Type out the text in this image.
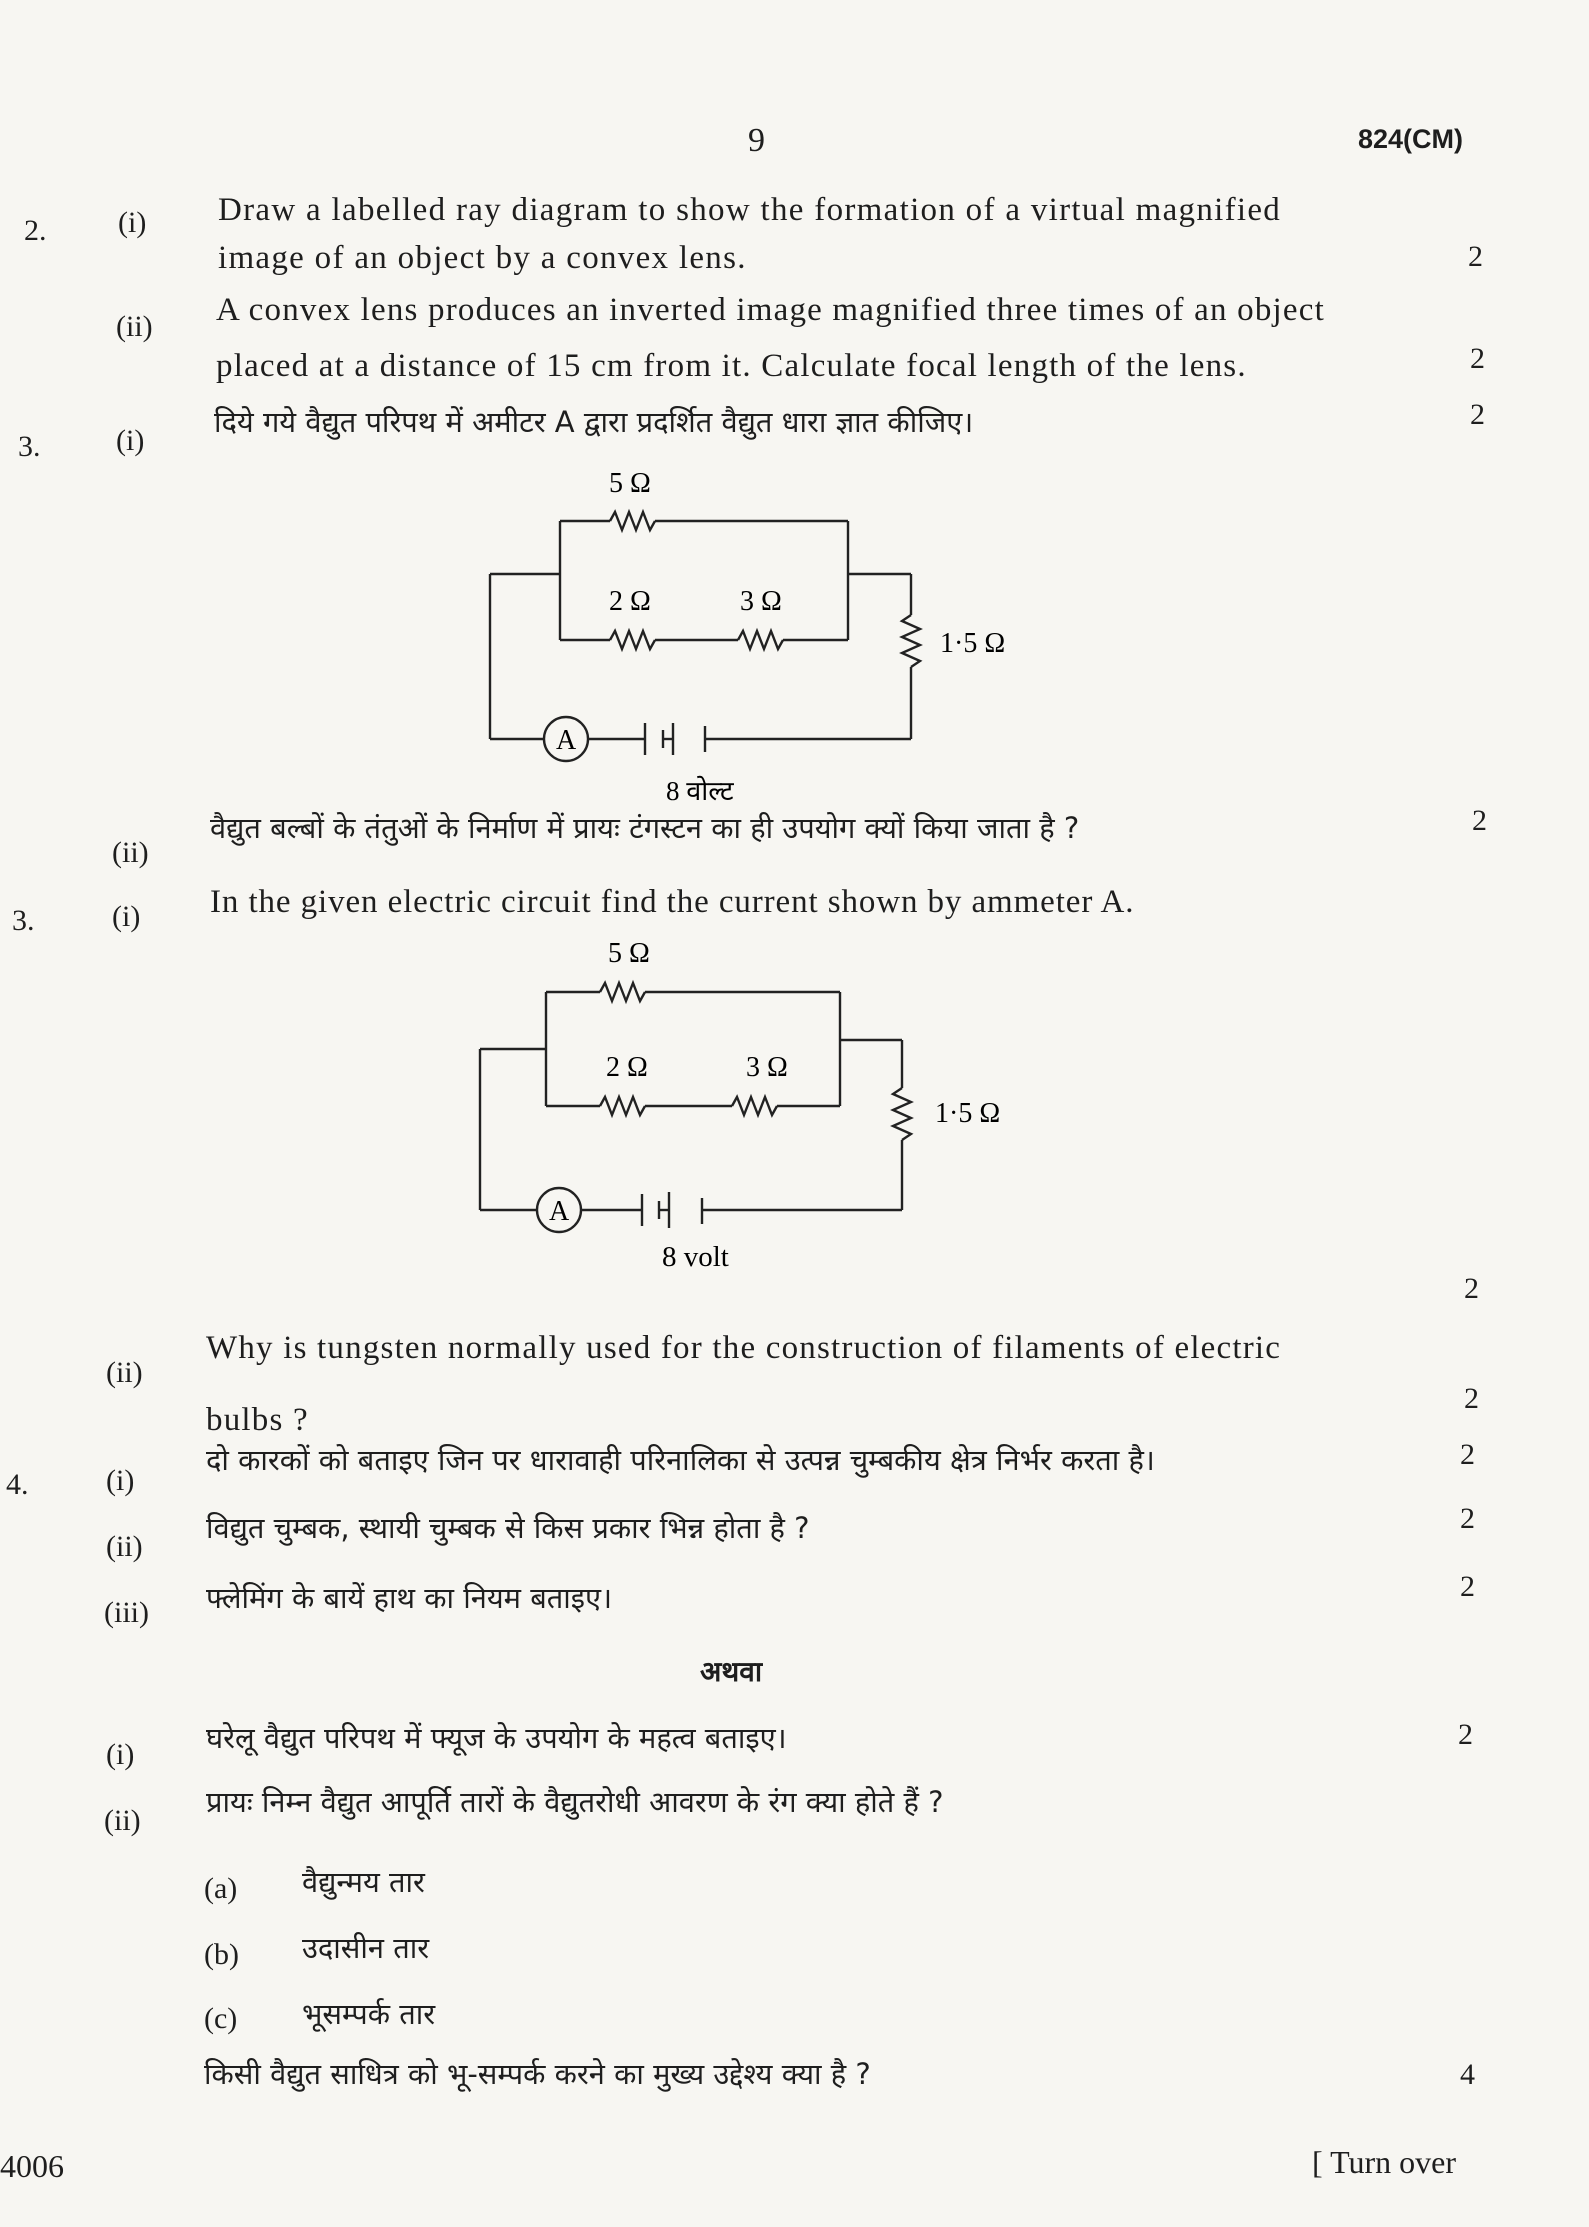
9	824(CM)
2. (i) Draw a labelled ray diagram to show the formation of a virtual magnified
image of an object by a convex lens.	2
(ii) A convex lens produces an inverted image magnified three times of an object
placed at a distance of 15 cm from it. Calculate focal length of the lens.	2
3.	(i)
दिये गये वैद्युत परिपथ में अमीटर A द्वारा प्रदर्शित वैद्युत धारा ज्ञात कीजिए।	2
5 Ω
2 Ω	3 Ω
1·5 Ω
A
8 वोल्ट
(ii)
वैद्युत बल्बों के तंतुओं के निर्माण में प्रायः टंगस्टन का ही उपयोग क्यों किया जाता है ?	2
3.	(i) In the given electric circuit find the current shown by ammeter A.
5 Ω
2 Ω	3 Ω
1·5 Ω
A
8 volt
2
(ii)
Why is tungsten normally used for the construction of filaments of electric
bulbs ?
2
4.	(i)
दो कारकों को बताइए जिन पर धारावाही परिनालिका से उत्पन्न चुम्बकीय क्षेत्र निर्भर करता है।	2
(ii)
विद्युत चुम्बक, स्थायी चुम्बक से किस प्रकार भिन्न होता है ?	2
(iii) फ्लेमिंग के बायें हाथ का नियम बताइए।	2
अथवा
(i) घरेलू वैद्युत परिपथ में फ्यूज के उपयोग के महत्व बताइए।	2
(ii)
प्रायः निम्न वैद्युत आपूर्ति तारों के वैद्युतरोधी आवरण के रंग क्या होते हैं ?
(a) वैद्युन्मय तार
(b) उदासीन तार
(c) भूसम्पर्क तार
किसी वैद्युत साधित्र को भू-सम्पर्क करने का मुख्य उद्देश्य क्या है ?	4
4006	[ Turn over
